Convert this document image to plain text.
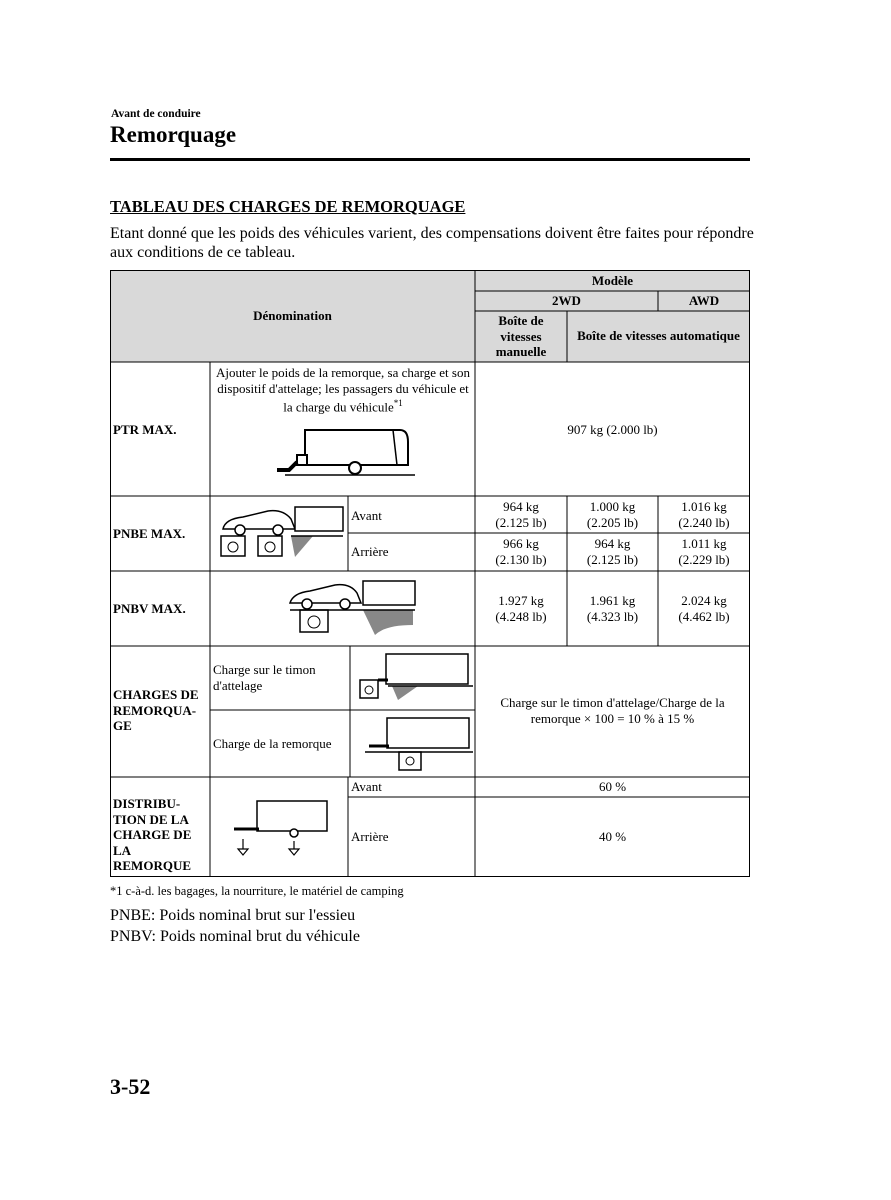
Avant de conduire
Remorquage
TABLEAU DES CHARGES DE REMORQUAGE
Etant donné que les poids des véhicules varient, des compensations doivent être faites pour répondre aux conditions de ce tableau.
Dénomination
Modèle
2WD	AWD
Boîte de vitesses manuelle
Boîte de vitesses automatique
PTR MAX.
Ajouter le poids de la remorque, sa charge et son dispositif d'attelage; les passagers du véhicule et la charge du véhicule$^{*1}$
907 kg (2.000 lb)
PNBE MAX.
Avant
Arrière
964 kg
(2.125 lb)
1.000 kg
(2.205 lb)
1.016 kg
(2.240 lb)
966 kg
(2.130 lb)
964 kg
(2.125 lb)
1.011 kg
(2.229 lb)
PNBV MAX.
1.927 kg
(4.248 lb)
1.961 kg
(4.323 lb)
2.024 kg
(4.462 lb)
CHARGES DE REMORQUA- GE
Charge sur le timon d'attelage
Charge de la remorque
Charge sur le timon d'attelage/Charge de la remorque × 100 = 10 % à 15 %
DISTRIBU- TION DE LA CHARGE DE LA REMORQUE
Avant
Arrière
60 %
40 %
*1 c-à-d. les bagages, la nourriture, le matériel de camping
PNBE: Poids nominal brut sur l'essieu
PNBV: Poids nominal brut du véhicule
3-52
